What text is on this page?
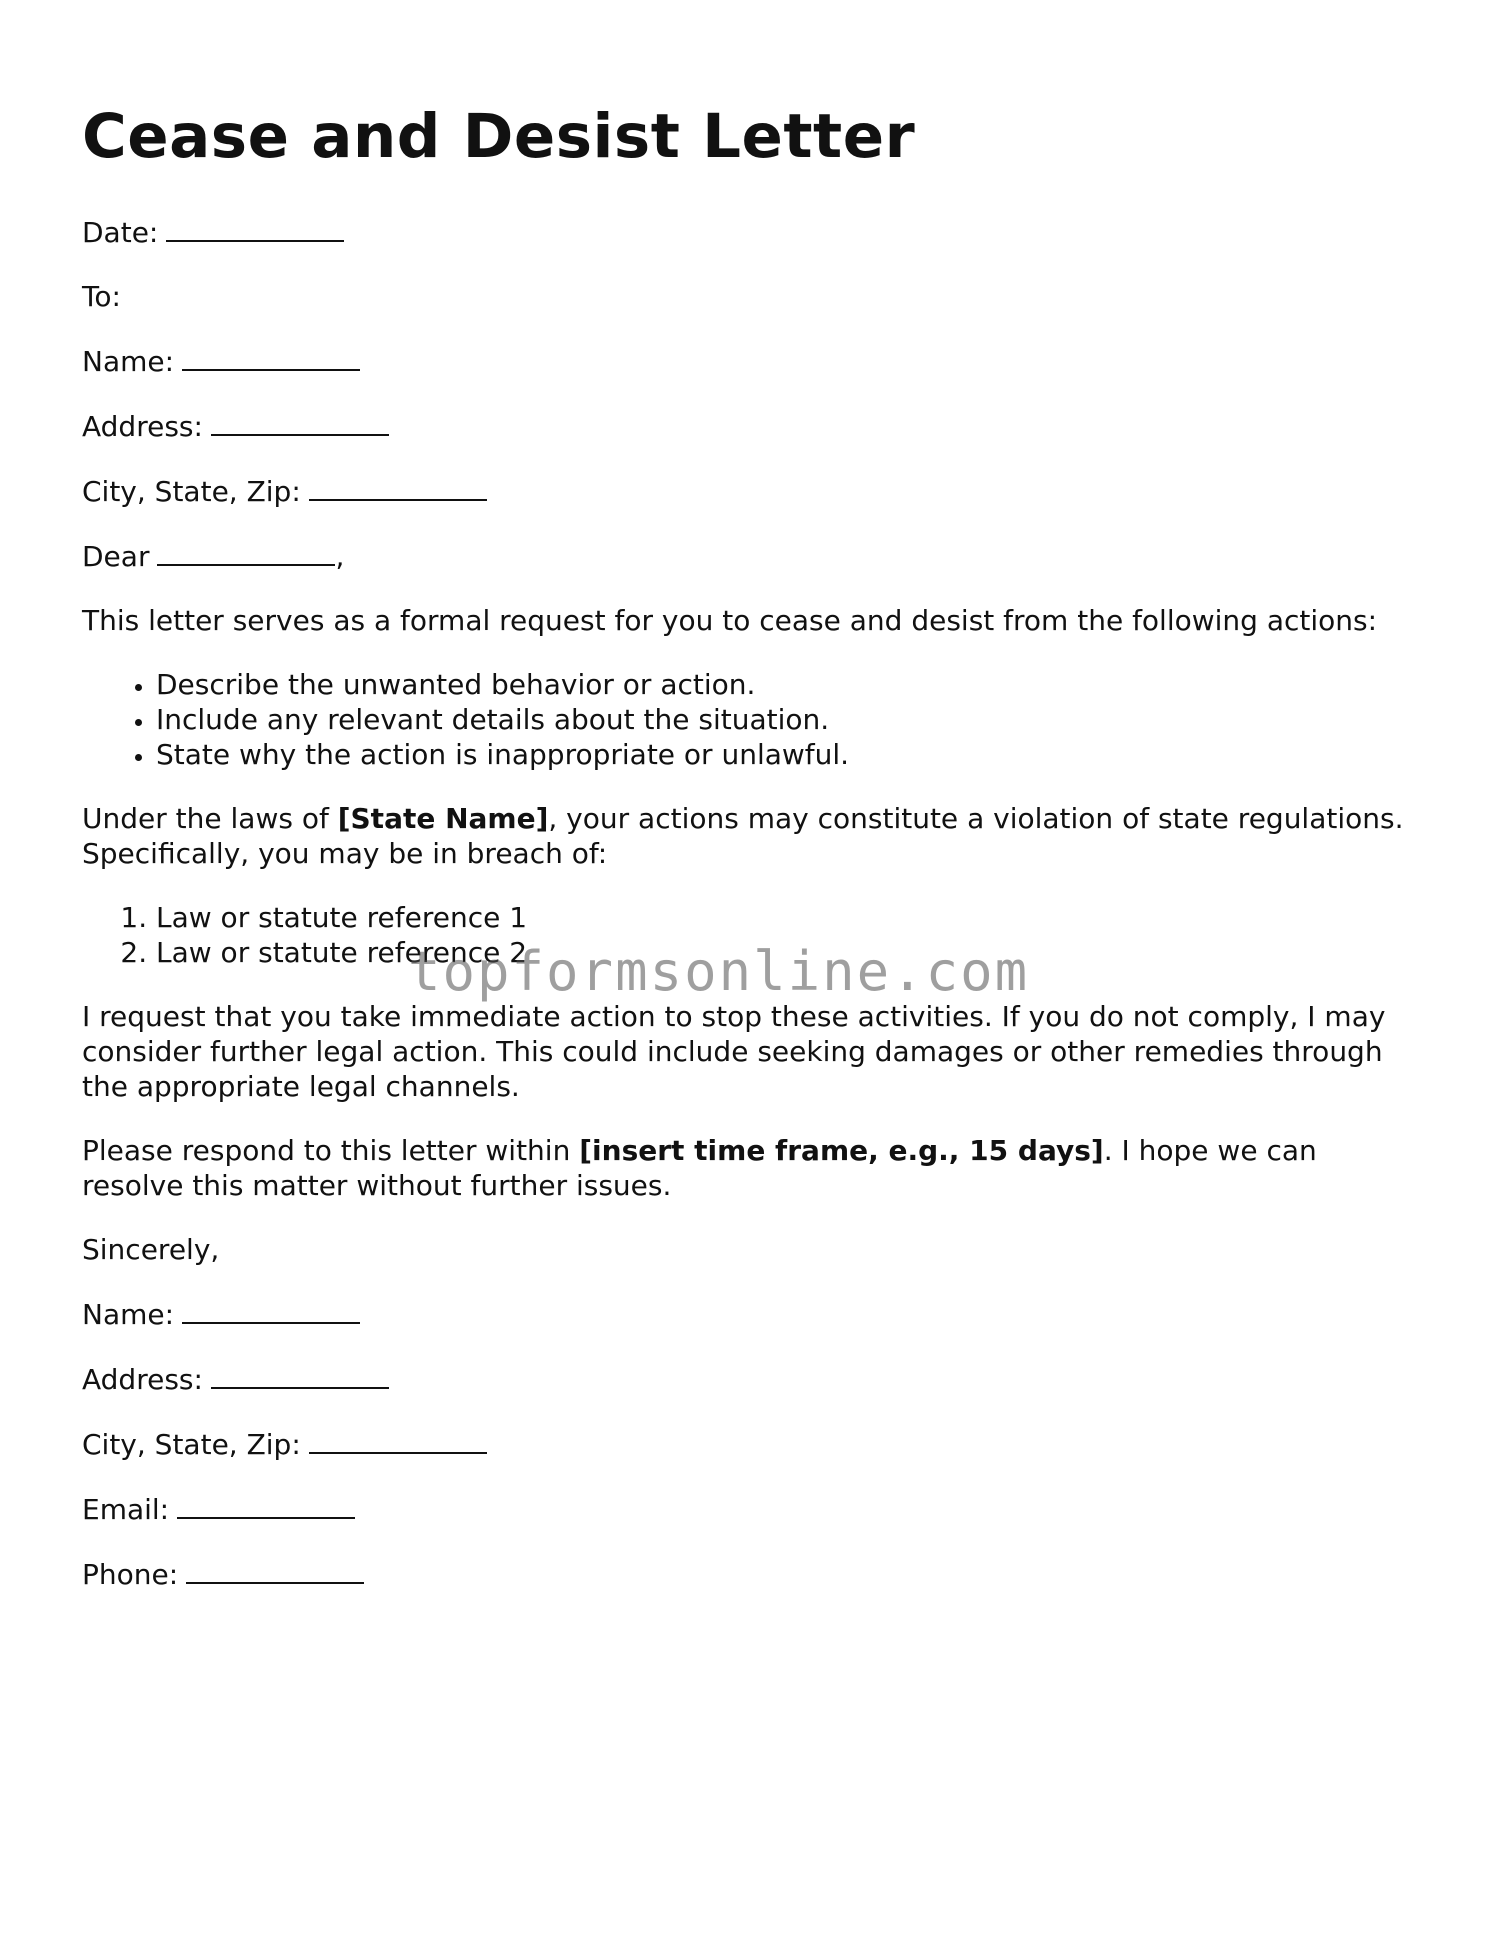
Cease and Desist Letter

Date:

To:

Name:

Address:

City, State, Zip:

Dear	,

This letter serves as a formal request for you to cease and desist from the following actions:

• Describe the unwanted behavior or action.
• Include any relevant details about the situation.
• State why the action is inappropriate or unlawful.

Under the laws of [State Name], your actions may constitute a violation of state regulations. Specifically, you may be in breach of:

1. Law or statute reference 1
2. Law or statute reference 2

I request that you take immediate action to stop these activities. If you do not comply, I may consider further legal action. This could include seeking damages or other remedies through the appropriate legal channels.

Please respond to this letter within [insert time frame, e.g., 15 days]. I hope we can resolve this matter without further issues.

Sincerely,

Name:

Address:

City, State, Zip:

Email:

Phone:

topformsonline.com
